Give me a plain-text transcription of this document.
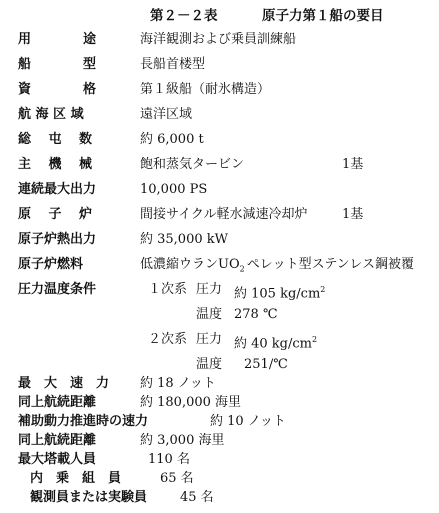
第２－２表	原子力第１船の要目
用　　　　途	海洋観測および乗員訓練船
船　　　　型	長船首楼型
資　　　　格	第１級船（耐氷構造）
航 海 区 域	遠洋区域
総　 屯　 数	約 6,000 t
主　 機　 械	飽和蒸気タービン	1基
連続最大出力	10,000 PS
原　 子　 炉	間接サイクル軽水減速冷却炉	1基
原子炉熱出力	約 35,000 kW
原子炉燃料	低濃縮ウラン$UO_2$ ペレット型ステンレス鋼被覆
圧力温度条件	１次系 圧力 約 105 $kg/cm^2$
温度 278 ℃
２次系 圧力 約 40 $kg/cm^2$
温度 251/℃
最　大　速　力 約 18 ノット
同上航続距離	約 180,000 海里
補助動力推進時の速力	約 10 ノット
同上航続距離	約 3,000 海里
最大塔載人員	110 名
内　乗　組　員	65 名
観測員または実験員	45 名
